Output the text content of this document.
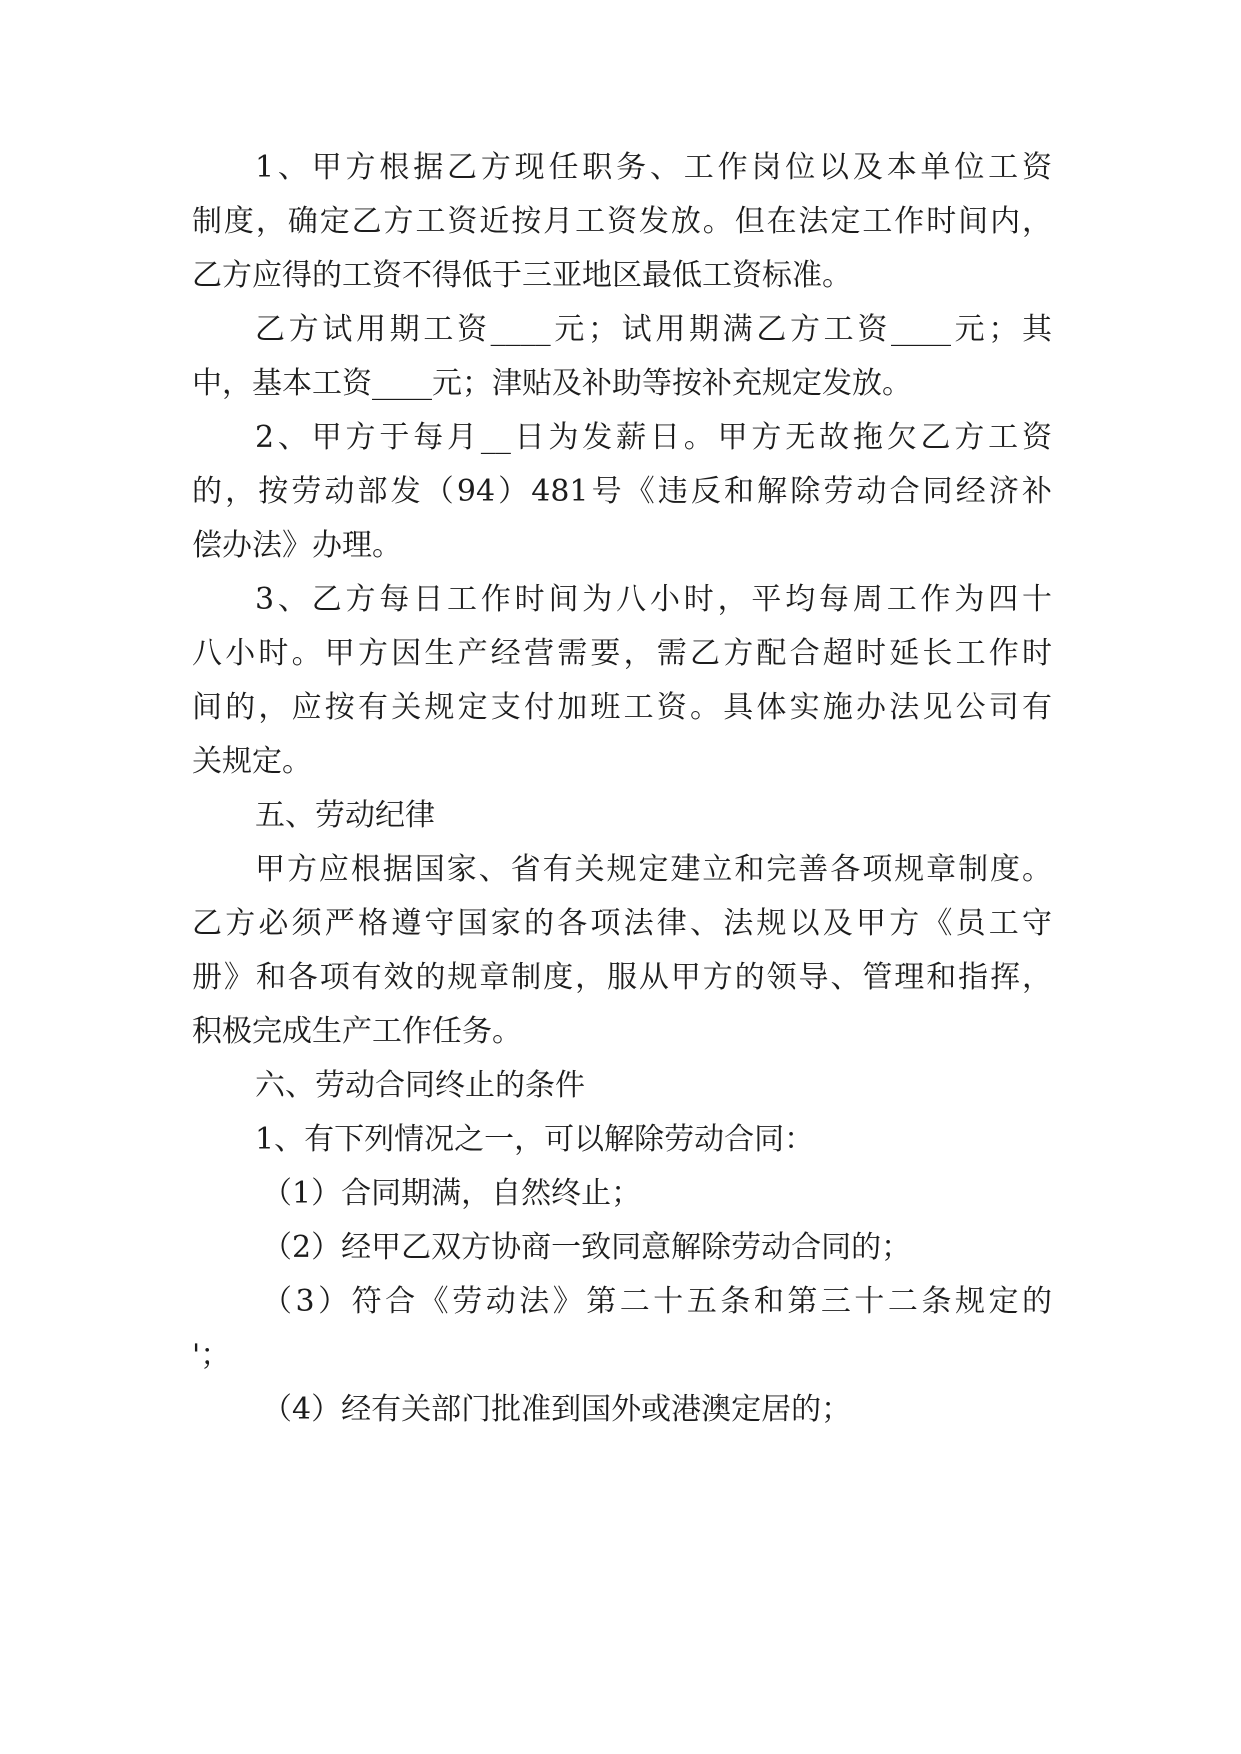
1、甲方根据乙方现任职务、工作岗位以及本单位工资
制度，确定乙方工资近按月工资发放。但在法定工作时间内，
乙方应得的工资不得低于三亚地区最低工资标准。
乙方试用期工资____元；试用期满乙方工资____元；其
中，基本工资____元；津贴及补助等按补充规定发放。
2、甲方于每月__日为发薪日。甲方无故拖欠乙方工资
的，按劳动部发（94）481号《违反和解除劳动合同经济补
偿办法》办理。
3、乙方每日工作时间为八小时，平均每周工作为四十
八小时。甲方因生产经营需要，需乙方配合超时延长工作时
间的，应按有关规定支付加班工资。具体实施办法见公司有
关规定。
五、劳动纪律
甲方应根据国家、省有关规定建立和完善各项规章制度。
乙方必须严格遵守国家的各项法律、法规以及甲方《员工守
册》和各项有效的规章制度，服从甲方的领导、管理和指挥，
积极完成生产工作任务。
六、劳动合同终止的条件
1、有下列情况之一，可以解除劳动合同：
（1）合同期满，自然终止；
（2）经甲乙双方协商一致同意解除劳动合同的；
（3）符合《劳动法》第二十五条和第三十二条规定的
'；
（4）经有关部门批准到国外或港澳定居的；
